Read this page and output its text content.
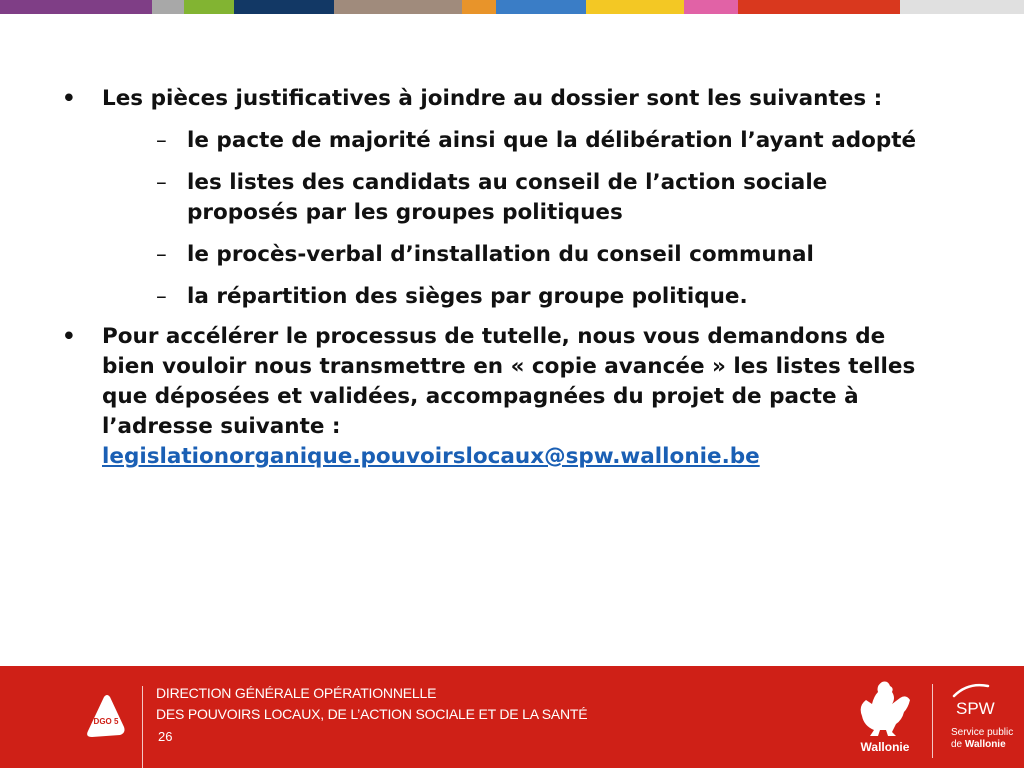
• Les pièces justificatives à joindre au dossier sont les suivantes :
– le pacte de majorité ainsi que la délibération l’ayant adopté
– les listes des candidats au conseil de l’action sociale proposés par les groupes politiques
– le procès-verbal d’installation du conseil communal
– la répartition des sièges par groupe politique.
• Pour accélérer le processus de tutelle, nous vous demandons de bien vouloir nous transmettre en « copie avancée » les listes telles que déposées et validées, accompagnées du projet de pacte à l’adresse suivante :
legislationorganique.pouvoirslocaux@spw.wallonie.be
DGO 5
DIRECTION GÉNÉRALE OPÉRATIONNELLE
DES POUVOIRS LOCAUX, DE L’ACTION SOCIALE ET DE LA SANTÉ
26
Wallonie
SPW
Service public
de Wallonie
